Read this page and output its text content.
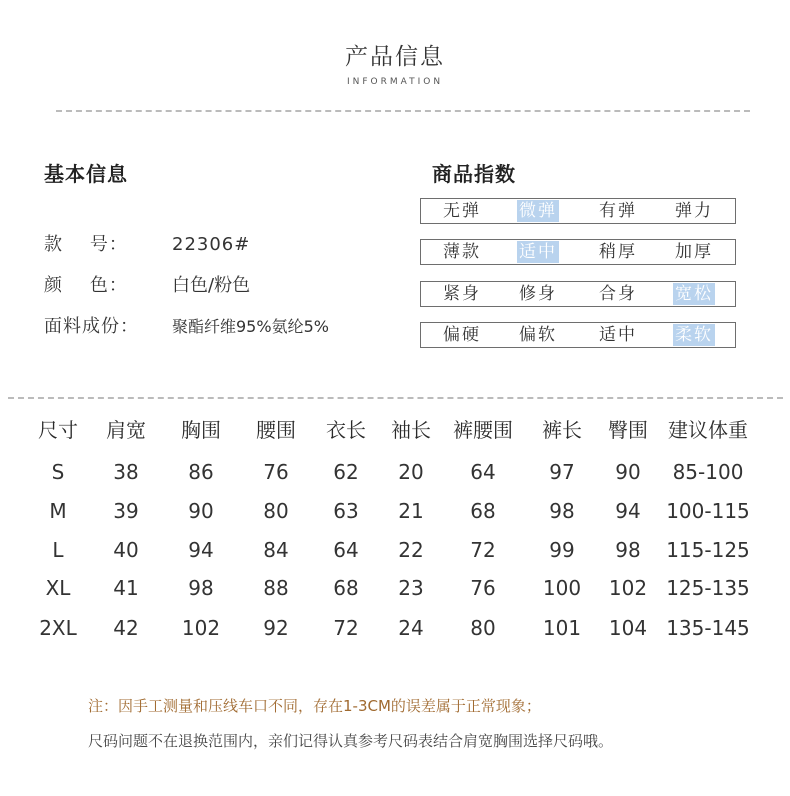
产品信息
INFORMATION
基本信息	商品指数
款    号： 22306#
颜    色： 白色/粉色
面料成份： 聚酯纤维95%氨纶5%
无弹 微弹 有弹 弹力
薄款 适中 稍厚 加厚
紧身 修身 合身 宽松
偏硬 偏软 适中 柔软
尺寸 肩宽 胸围 腰围 衣长 袖长 裤腰围 裤长 臀围 建议体重
S 38 86 76 62 20 64	97 90 85-100
M 39 90 80 63 21 68	98 94 100-115
L 40 94 84 64 22 72	99 98 115-125
XL 41 98 88 68 23 76 100 102 125-135
2XL 42 102 92 72 24 80 101 104 135-145
注：因手工测量和压线车口不同，存在1-3CM的误差属于正常现象；
尺码问题不在退换范围内，亲们记得认真参考尺码表结合肩宽胸围选择尺码哦。
